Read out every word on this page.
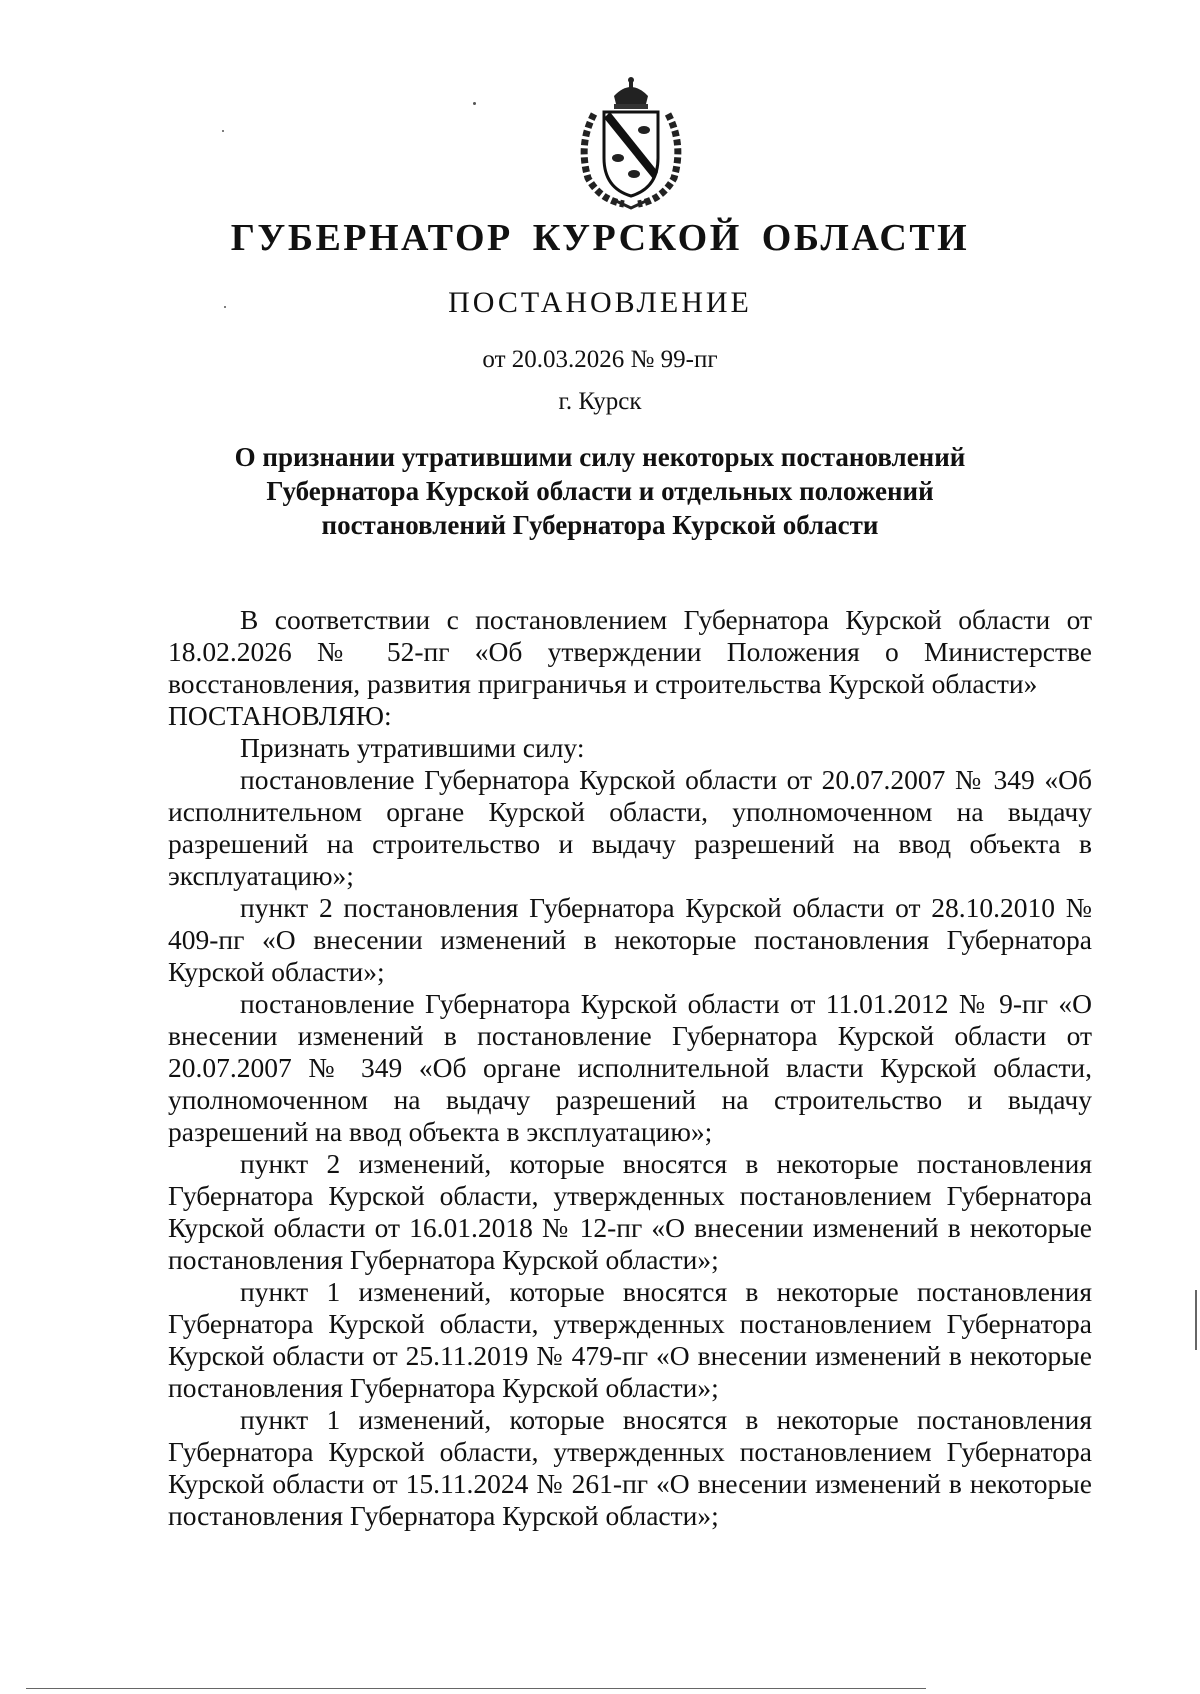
ГУБЕРНАТОР КУРСКОЙ ОБЛАСТИ
ПОСТАНОВЛЕНИЕ
от 20.03.2026 № 99-пг
г. Курск
О признании утратившими силу некоторых постановлений
Губернатора Курской области и отдельных положений
постановлений Губернатора Курской области

В соответствии с постановлением Губернатора Курской области от 18.02.2026 № 52-пг «Об утверждении Положения о Министерстве восстановления, развития приграничья и строительства Курской области»

ПОСТАНОВЛЯЮ:

Признать утратившими силу:

постановление Губернатора Курской области от 20.07.2007 № 349 «Об исполнительном органе Курской области, уполномоченном на выдачу разрешений на строительство и выдачу разрешений на ввод объекта в эксплуатацию»;

пункт 2 постановления Губернатора Курской области от 28.10.2010 № 409-пг «О внесении изменений в некоторые постановления Губернатора Курской области»;

постановление Губернатора Курской области от 11.01.2012 № 9-пг «О внесении изменений в постановление Губернатора Курской области от 20.07.2007 № 349 «Об органе исполнительной власти Курской области, уполномоченном на выдачу разрешений на строительство и выдачу разрешений на ввод объекта в эксплуатацию»;

пункт 2 изменений, которые вносятся в некоторые постановления Губернатора Курской области, утвержденных постановлением Губернатора Курской области от 16.01.2018 № 12-пг «О внесении изменений в некоторые постановления Губернатора Курской области»;

пункт 1 изменений, которые вносятся в некоторые постановления Губернатора Курской области, утвержденных постановлением Губернатора Курской области от 25.11.2019 № 479-пг «О внесении изменений в некоторые постановления Губернатора Курской области»;

пункт 1 изменений, которые вносятся в некоторые постановления Губернатора Курской области, утвержденных постановлением Губернатора Курской области от 15.11.2024 № 261-пг «О внесении изменений в некоторые постановления Губернатора Курской области»;
